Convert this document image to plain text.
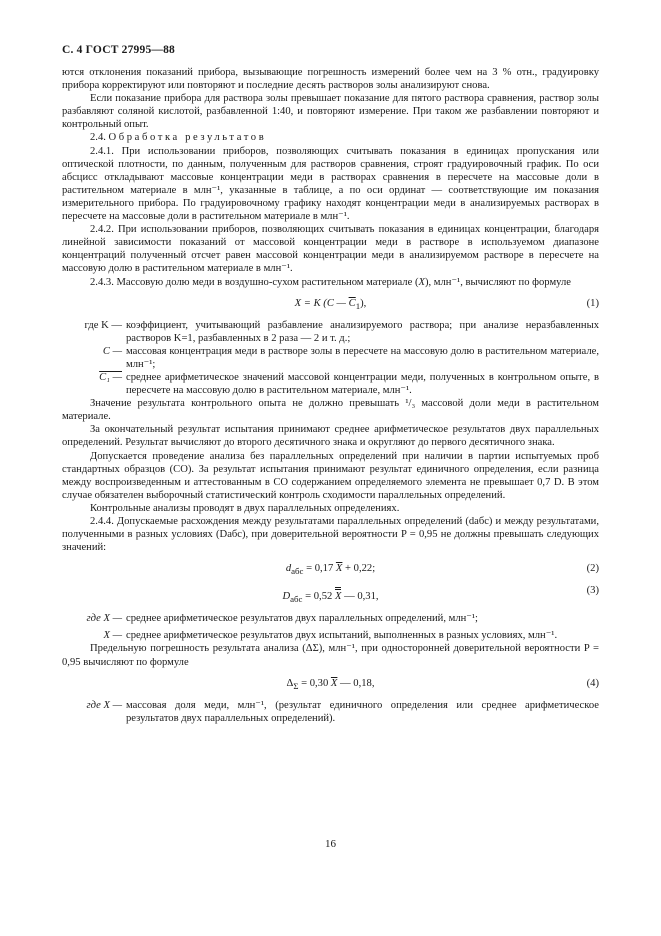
С. 4 ГОСТ 27995—88

ются отклонения показаний прибора, вызывающие погрешность измерений более чем на 3 % отн., градуировку прибора корректируют или повторяют и последние десять растворов золы анализируют снова.

Если показание прибора для раствора золы превышает показание для пятого раствора сравнения, раствор золы разбавляют соляной кислотой, разбавленной 1:40, и повторяют измерение. При таком же разбавлении повторяют и контрольный опыт.

2.4. Обработка результатов

2.4.1. При использовании приборов, позволяющих считывать показания в единицах пропускания или оптической плотности, по данным, полученным для растворов сравнения, строят градуировочный график. По оси абсцисс откладывают массовые концентрации меди в растворах сравнения в пересчете на массовые доли в растительном материале в млн⁻¹, указанные в таблице, а по оси ординат — соответствующие им показания измерительного прибора. По градуировочному графику находят концентрации меди в анализируемых растворах в пересчете на массовые доли в растительном материале в млн⁻¹.

2.4.2. При использовании приборов, позволяющих считывать показания в единицах концентрации, благодаря линейной зависимости показаний от массовой концентрации меди в растворе в используемом диапазоне концентраций полученный отсчет равен массовой концентрации меди в анализируемом растворе в пересчете на массовую долю в растительном материале в млн⁻¹.

2.4.3. Массовую долю меди в воздушно-сухом растительном материале (X), млн⁻¹, вычисляют по формуле

X = K (C — $\overline{C}_1$),	(1)
где K — коэффициент, учитывающий разбавление анализируемого раствора; при анализе неразбавленных растворов K=1, разбавленных в 2 раза — 2 и т. д.;
C — массовая концентрация меди в растворе золы в пересчете на массовую долю в растительном материале, млн⁻¹;
C₁ — среднее арифметическое значений массовой концентрации меди, полученных в контрольном опыте, в пересчете на массовую долю в растительном материале, млн⁻¹.

Значение результата контрольного опыта не должно превышать ¹/₃ массовой доли меди в растительном материале.

За окончательный результат испытания принимают среднее арифметическое результатов двух параллельных определений. Результат вычисляют до второго десятичного знака и округляют до первого десятичного знака.

Допускается проведение анализа без параллельных определений при наличии в партии испытуемых проб стандартных образцов (СО). За результат испытания принимают результат единичного определения, если разница между воспроизведенным и аттестованным в СО содержанием определяемого элемента не превышает 0,7 D. В этом случае обязателен выборочный статистический контроль сходимости параллельных определений.

Контрольные анализы проводят в двух параллельных определениях.

2.4.4. Допускаемые расхождения между результатами параллельных определений (dабс) и между результатами, полученными в разных условиях (Dабс), при доверительной вероятности P = 0,95 не должны превышать следующих значений:

$d_{абс} = 0,17$ $\overline{X} + 0,22$;	(2)
$D_{абс} = 0,52$ X — 0,31,
(3)
где X — среднее арифметическое результатов двух параллельных определений, млн⁻¹;
X — среднее арифметическое результатов двух испытаний, выполненных в разных условиях, млн⁻¹.

Предельную погрешность результата анализа (ΔΣ), млн⁻¹, при односторонней доверительной вероятности P = 0,95 вычисляют по формуле

$\Delta_\Sigma = 0,30$ $\overline{X}$ — 0,18,	(4)
где X — массовая доля меди, млн⁻¹, (результат единичного определения или среднее арифметическое результатов двух параллельных определений).
16
